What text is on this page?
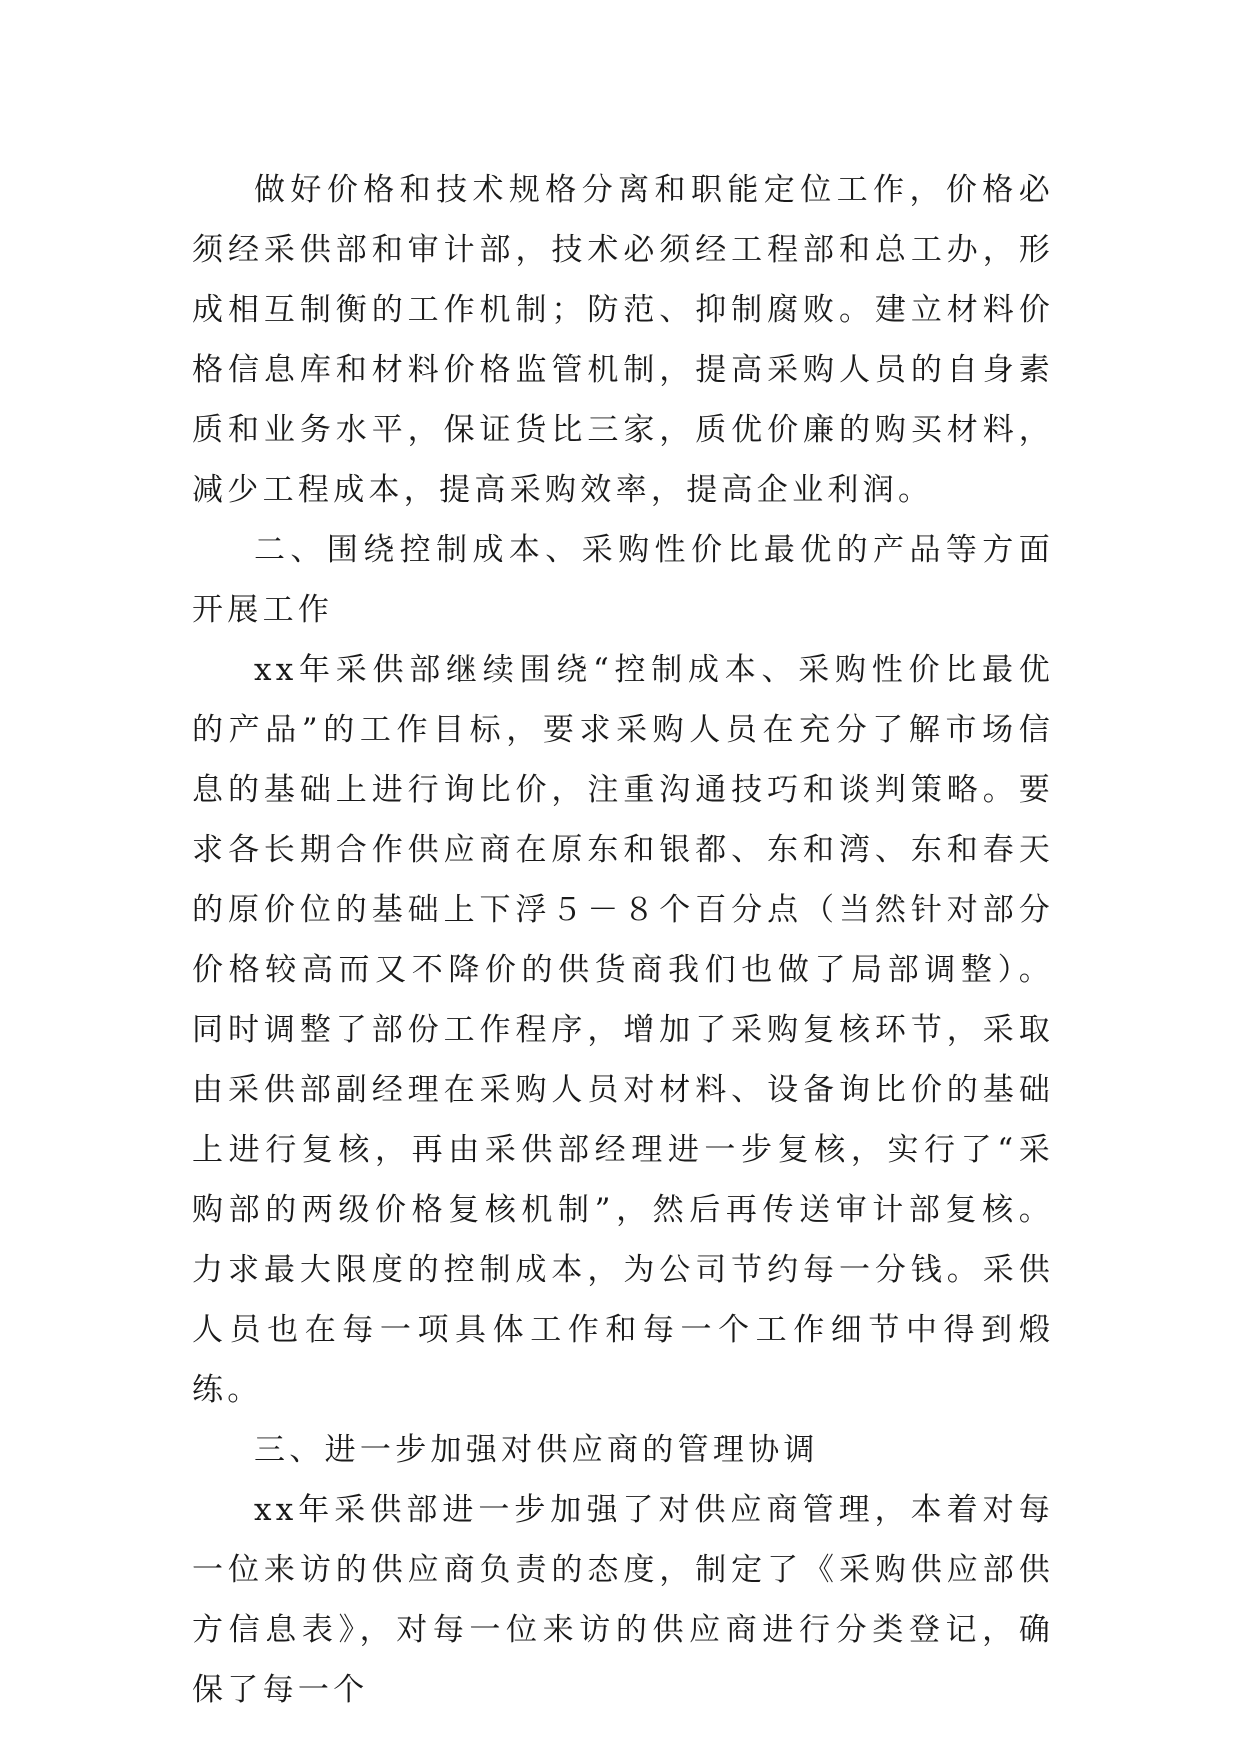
做好价格和技术规格分离和职能定位工作，价格必须经采供部和审计部，技术必须经工程部和总工办，形成相互制衡的工作机制；防范、抑制腐败。建立材料价格信息库和材料价格监管机制，提高采购人员的自身素质和业务水平，保证货比三家，质优价廉的购买材料，减少工程成本，提高采购效率，提高企业利润。

二、围绕控制成本、采购性价比最优的产品等方面开展工作

xx年采供部继续围绕“控制成本、采购性价比最优的产品”的工作目标，要求采购人员在充分了解市场信息的基础上进行询比价，注重沟通技巧和谈判策略。要求各长期合作供应商在原东和银都、东和湾、东和春天的原价位的基础上下浮５－８个百分点（当然针对部分价格较高而又不降价的供货商我们也做了局部调整）。同时调整了部份工作程序，增加了采购复核环节，采取由采供部副经理在采购人员对材料、设备询比价的基础上进行复核，再由采供部经理进一步复核，实行了“采购部的两级价格复核机制”，然后再传送审计部复核。力求最大限度的控制成本，为公司节约每一分钱。采供人员也在每一项具体工作和每一个工作细节中得到煅练。

三、进一步加强对供应商的管理协调

xx年采供部进一步加强了对供应商管理，本着对每一位来访的供应商负责的态度，制定了《采购供应部供方信息表》，对每一位来访的供应商进行分类登记，确保了每一个
